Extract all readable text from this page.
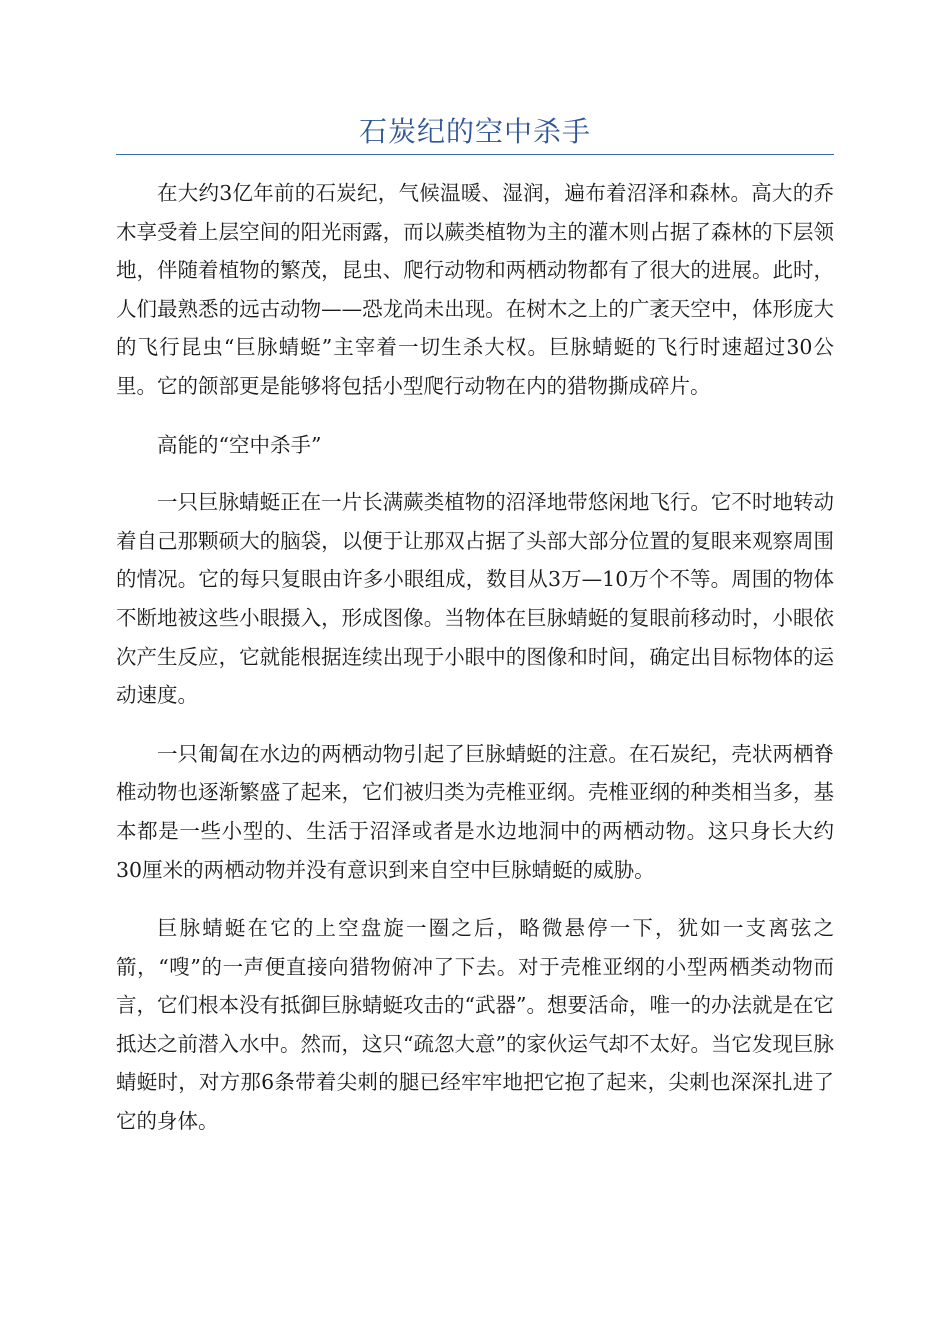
石炭纪的空中杀手

在大约3亿年前的石炭纪，气候温暖、湿润，遍布着沼泽和森林。高大的乔木享受着上层空间的阳光雨露，而以蕨类植物为主的灌木则占据了森林的下层领地，伴随着植物的繁茂，昆虫、爬行动物和两栖动物都有了很大的进展。此时，人们最熟悉的远古动物——恐龙尚未出现。在树木之上的广袤天空中，体形庞大的飞行昆虫“巨脉蜻蜓”主宰着一切生杀大权。巨脉蜻蜓的飞行时速超过30公里。它的颌部更是能够将包括小型爬行动物在内的猎物撕成碎片。

高能的“空中杀手”

一只巨脉蜻蜓正在一片长满蕨类植物的沼泽地带悠闲地飞行。它不时地转动着自己那颗硕大的脑袋，以便于让那双占据了头部大部分位置的复眼来观察周围的情况。它的每只复眼由许多小眼组成，数目从3万—10万个不等。周围的物体不断地被这些小眼摄入，形成图像。当物体在巨脉蜻蜓的复眼前移动时，小眼依次产生反应，它就能根据连续出现于小眼中的图像和时间，确定出目标物体的运动速度。

一只匍匐在水边的两栖动物引起了巨脉蜻蜓的注意。在石炭纪，壳状两栖脊椎动物也逐渐繁盛了起来，它们被归类为壳椎亚纲。壳椎亚纲的种类相当多，基本都是一些小型的、生活于沼泽或者是水边地洞中的两栖动物。这只身长大约30厘米的两栖动物并没有意识到来自空中巨脉蜻蜓的威胁。

巨脉蜻蜓在它的上空盘旋一圈之后，略微悬停一下，犹如一支离弦之箭，“嗖”的一声便直接向猎物俯冲了下去。对于壳椎亚纲的小型两栖类动物而言，它们根本没有抵御巨脉蜻蜓攻击的“武器”。想要活命，唯一的办法就是在它抵达之前潜入水中。然而，这只“疏忽大意”的家伙运气却不太好。当它发现巨脉蜻蜓时，对方那6条带着尖刺的腿已经牢牢地把它抱了起来，尖刺也深深扎进了它的身体。
